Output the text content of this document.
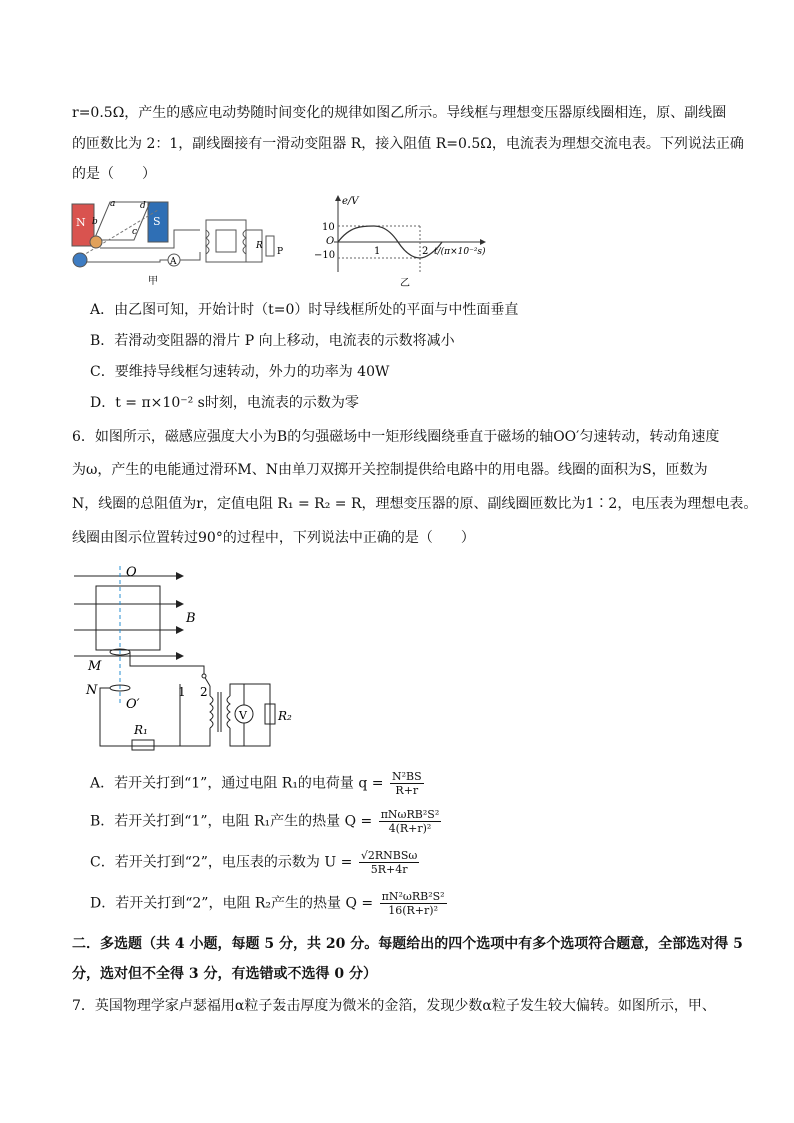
r=0.5Ω，产生的感应电动势随时间变化的规律如图乙所示。导线框与理想变压器原线圈相连，原、副线圈
的匝数比为 2：1，副线圈接有一滑动变阻器 R，接入阻值 R=0.5Ω，电流表为理想交流电表。下列说法正确
的是（　　）
N	S
a
b
c
d
A
R
P
甲
e/V
10
O
−10	1	2 t/(π×10⁻²s)
乙
A．由乙图可知，开始计时（t=0）时导线框所处的平面与中性面垂直
B．若滑动变阻器的滑片 P 向上移动，电流表的示数将减小
C．要维持导线框匀速转动，外力的功率为 40W
D．t = π×10⁻² s时刻，电流表的示数为零
6．如图所示，磁感应强度大小为B的匀强磁场中一矩形线圈绕垂直于磁场的轴OO′匀速转动，转动角速度
为ω，产生的电能通过滑环M、N由单刀双掷开关控制提供给电路中的用电器。线圈的面积为S，匝数为
N，线圈的总阻值为r，定值电阻 R₁ = R₂ = R，理想变压器的原、副线圈匝数比为1∶2，电压表为理想电表。
线圈由图示位置转过90°的过程中，下列说法中正确的是（　　）
O
B
M
N
O′
R₁
1 2
V	R₂
A．若开关打到“1”，通过电阻 R₁的电荷量 $q = \frac{\text{N²BS}}{R+r}$
B．若开关打到“1”，电阻 R₁产生的热量 $Q = \frac{\text{πNωRB²S²}}{\text{4(R+r)²}}$
C．若开关打到“2”，电压表的示数为 $U = \frac{\text{√2RNBSω}}{5R+4r}$
D．若开关打到“2”，电阻 R₂产生的热量 $Q = \frac{\text{πN²ωRB²S²}}{\text{16(R+r)²}}$
二．多选题（共 4 小题，每题 5 分，共 20 分。每题给出的四个选项中有多个选项符合题意，全部选对得 5
分，选对但不全得 3 分，有选错或不选得 0 分）
7．英国物理学家卢瑟福用α粒子轰击厚度为微米的金箔，发现少数α粒子发生较大偏转。如图所示，甲、
